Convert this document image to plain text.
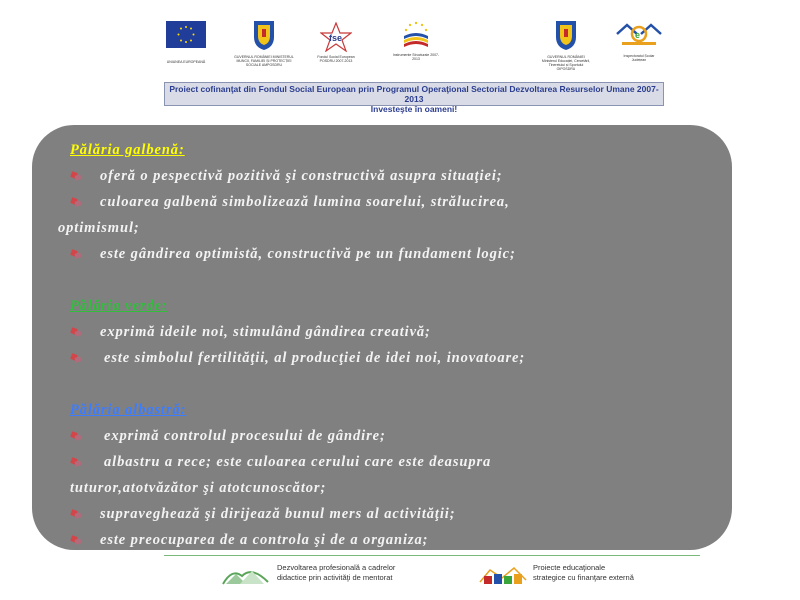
UNIUNEA EUROPEANĂ
GUVERNUL ROMÂNIEI MINISTERUL MUNCII, FAMILIEI ȘI PROTECȚIEI SOCIALE AMPOSDRU
fse
Fondul Social European POSDRU 2007-2013
Instrumente Structurale 2007-2013	GUVERNUL ROMÂNIEI Ministerul Educației, Cercetării, Tineretului și Sportului OIPOSDRU
e
Inspectoratul Școlar Județean
Proiect cofinanţat din Fondul Social European prin Programul Operaţional Sectorial Dezvoltarea Resurselor Umane 2007-2013
Investeşte în oameni!
Pălăria galbenă:
oferă o pespectivă pozitivă şi constructivă asupra situaţiei;
culoarea galbenă simbolizează lumina soarelui, strălucirea,
optimismul;
este gândirea optimistă, constructivă pe un fundament logic;
Pălăria verde:
exprimă ideile noi, stimulând gândirea creativă;
este simbolul fertilităţii, al producţiei de idei noi, inovatoare;
Pălăria albastră:
exprimă controlul procesului de gândire;
albastru a rece; este culoarea cerului care este deasupra
tuturor,atotvăzător şi atotcunoscător;
supraveghează şi dirijează bunul mers al activităţii;
este preocuparea de a controla şi de a organiza;
Dezvoltarea profesională a cadrelor
didactice prin activităţi de mentorat
Proiecte educaţionale
strategice cu finanţare externă
